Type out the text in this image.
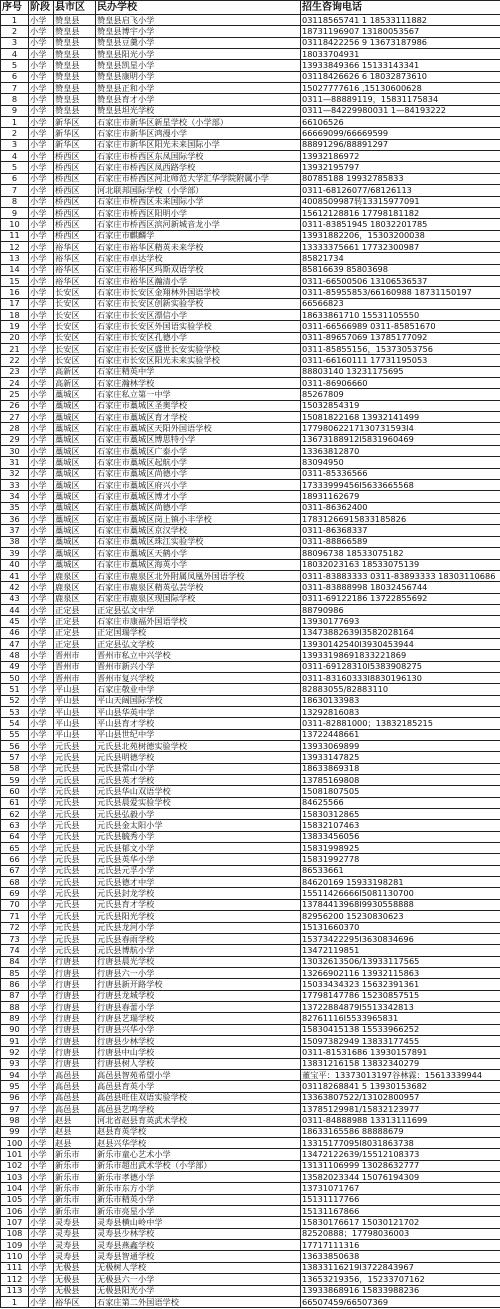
序号	阶段	县市区	民办学校	招生咨询电话
1	小学	赞皇县	赞皇县启飞小学	03118565741 1 18533111882
2	小学	赞皇县	赞皇县博宇小学	18731196907 13180053567
3	小学	赞皇县	赞皇县豆羹小学	03118422256 9 13673187986
4	小学	赞皇县	赞皇县阳光小学	18033704931
5	小学	赞皇县	赞皇县凯星小学	13933849366 15133143341
6	小学	赞皇县	赞皇县康明小学	03118426626 6 18032873610
7	小学	赞皇县	赞皇县正和小学	15027777616 ,15130600628
8	小学	赞皇县	赞皇县育才小学	0311—88889119，15831175834
9	小学	赞皇县	赞皇县坦光学校	0311—84229980031 1—84193222
1	小学	新华区	石家庄市新华区新星学校（小学部）	66106526
2	小学	新华区	石家庄市新华区鸿漫小学	66669099/66669599
3	小学	新华区	石家庄市新华区阳光未来国际小学	88891296/88891297
4	小学	桥西区	石家庄市桥西区东凤国际学校	13932186972
5	小学	桥西区	石家庄市桥西区凤西路学校	13932195797
6	小学	桥西区	石家庄市桥西区河北师范大学汇华学院附属小学	80785188 19932785833
7	小学	桥西区	河北联邦国际学校（小学部）	0311-68126077/68126113
8	小学	桥西区	石家庄市桥西区未来国际小学	4008509987转13315977091
9	小学	桥西区	石家庄市桥西区阳明小学	15612128816 17798181182
10	小学	桥西区	石家庄市桥西区滨河新城音龙小学	0311-83851945 18032201785
11	小学	桥西区	石家庄市麒麟学	13931882206，15303200038
12	小学	裕华区	石家庄市裕华区精英未来学校	13333375661 17732300987
13	小学	裕华区	石家庄市卓达学校	85821734
14	小学	裕华区	石家庄市裕华区玛斯双语学校	85816639 85803698
15	小学	裕华区	石家庄市裕华区瀚清小学	0311-66500506 13106536537
16	小学	长安区	石家庄市长安区金翔林外国语学校	0311-85955853/66160988 18731150197
17	小学	长安区	石家庄市长安区创新实验学校	66566823
18	小学	长安区	石家庄市长安区漂信小学	18633861710 15531105550
19	小学	长安区	石家庄市长安区外国语实验学校	0311-66566989 0311-85851670
20	小学	长安区	石家庄市长安区孔德小学	0311-89657069 13785177092
21	小学	长安区	石家庄市长安区盛世长安实验学校	0311-85855156，15373053756
22	小学	长安区	石家庄市长安区阳光未来实验学校	0311-66160111 17731195053
23	小学	高新区	石家庄精英中学	88803140 13231175695
24	小学	高新区	石家庄瀚林学校	0311-86906660
25	小学	藁城区	石家庄私立第一中学	85267809
26	小学	藁城区	石家庄市藁城区圣奥学校	15032854319
27	小学	藁城区	石家庄市藁城区育才学校	15081822168 13932141499
28	小学	藁城区	石家庄市藁城区天阳外国语学校	17798062217130731593I4
29	小学	藁城区	石家庄市藁城区博思特小学	13673188912I5831960469
30	小学	藁城区	石家庄市藁城区广泰小学	13363812870
31	小学	藁城区	石家庄市藁城区起航小学	83094950
32	小学	藁城区	石家庄市藁城区尚德小学	0311-85336566
33	小学	藁城区	石家庄市藁城区府兴小学	17333999456I5633665568
34	小学	藁城区	石家庄市藁城区博才小学	18931162679
35	小学	藁城区	石家庄市藁城区尚德小学	0311-86362400
36	小学	藁城区	石家庄市藁城区岗上镇小丰学校	17831266915833185826
37	小学	藁城区	石家庄市藁城区京汉学校	0311-86368337
38	小学	藁城区	石家庄市藁城区珠江实验学校	0311-88866589
39	小学	藁城区	石家庄市藁城区天鹤小学	88096738 18533075182
40	小学	藁城区	石家庄市藁城区海英小学	18032023163 18533075139
41	小学	鹿泉区	石家庄市鹿泉区北外附属凤凰外国语学校	0311-83883333 0311-83893333 18303110686
42	小学	鹿泉区	石家庄市鹿泉区精英弘芸学校	0311-83888998 18032456744
43	小学	鹿泉区	石家庄市鹿泉区现国际学校	0311-69122186 13722855692
44	小学	正定县	正定县弘文中学	88790986
45	小学	正定县	石家庄市康福外国语学校	13930177693
46	小学	正定县	正定国瑞学校	13473882639I3582028164
47	小学	正定县	正定县弘文学校	13930142540I3930453944
48	小学	晋州市	晋州市私立中兴学校	13933198691833221869
49	小学	晋州市	晋州市新兴小学	0311-69128310I5383908275
50	小学	晋州市	晋州市复兴学校	0311-83160333I8830196130
51	小学	平山县	石家庄敬业中学	82883055/82883110
52	小学	平山县	平山天阔国际学校	18630133983
53	小学	平山县	平山县华英中学	13292816083
54	小学	平山县	平山县育才学校	0311-82881000；13832185215
55	小学	平山县	平山县世纪中学	13722448661
56	小学	元氏县	元氏县北苑树德实验学校	13933069899
57	小学	元氏县	元氏县明德学校	13933147825
58	小学	元氏县	元氏县常山小学	18633869318
59	小学	元氏县	元氏县英才学校	13785169808
60	小学	元氏县	元氏县华山双语学校	15081807505
61	小学	元氏县	元氏县晨爱实验学校	84625566
62	小学	元氏县	元氏县弘毅小学	15830312865
63	小学	元氏县	元氏县金太阳小学	15832107463
64	小学	元氏县	元氏县毓秀小学	13833456056
65	小学	元氏县	元氏县郁文小学	15831998925
66	小学	元氏县	元氏县英华小学	15831992778
67	小学	元氏县	元氏县元孚小学	86533661
68	小学	元氏县	元氏县德才中学	84620169 15933198281
69	小学	元氏县	元氏县封龙学校	15511426666I5081130700
70	小学	元氏县	元氏县育才学校	13784413968I9930558888
71	小学	元氏县	元氏县阳光学校	82956200 15230830623
72	小学	元氏县	元氏县龙河小学	15131660370
73	小学	元氏县	元氏县春雨学校	15373422295I3630834696
74	小学	元氏县	元氏县博航小学	13472119851
84	小学	行唐县	行唐县晨光学校	13032613506/13933117565
85	小学	行唐县	行唐县六一小学	13266902116 13932115863
86	小学	行唐县	行唐县新开路学校	15033434323 15632391361
87	小学	行唐县	行唐县龙城学校	17798147786 15230857515
88	小学	行唐县	行唐县春蕾小学	13722884879I5513342813
89	小学	行唐县	行唐县艺瑞学校	82761116I5533965831
90	小学	行唐县	行唐县兴华小学	15830415138 15533966252
91	小学	行唐县	行唐县少林学校	15097382949 13833177455
92	小学	行唐县	行唐县中山学校	0311-81531686 13930157891
93	小学	行唐县	行唐县树人学校	13831216158 13832340279
94	小学	高邑县	高邑县智苑希望小学	董宝平：13373013197谷林霖：15613339944
95	小学	高邑县	高邑县育英小学	03118268841 5 13930153682
96	小学	高邑县	高邑县旺佳双语实验学校	13363807522/13102800957
97	小学	高邑县	高邑县艺鸣学校	13785129981/15832123977
98	小学	赵县	河北省赵县育英武术学校	0311-84888988 13313111699
99	小学	赵县	赵县育英学校	18633165586 88888679
100	小学	赵县	赵县兴华学校	13315177095I8031863738
101	小学	新乐市	新乐市童心艺术小学	13472122639/15512108373
102	小学	新乐市	新乐市超出武术学校（小学部）	13131106999 13028632777
103	小学	新乐市	新乐市孝德小学	13582023344 15076194309
104	小学	新乐市	新乐市东方小学	13731071767
105	小学	新乐市	新乐市精英小学	15131117766
106	小学	新乐市	新乐市亮星小学	15131167866
107	小学	灵寿县	灵寿县横山岭中学	15830176617 15030121702
108	小学	灵寿县	灵寿县少林学校	82520888；17798036003
109	小学	灵寿县	灵寿县燕鑫学校	17717111316
110	小学	灵寿县	灵寿县智通学校	13633850638
111	小学	无极县	无极树人学校	13833116219I3722843967
112	小学	无极县	无极县六一小学	13653219356，15233707162
113	小学	无极县	无极县阳光小学	13933868916 15833988236
1	小学	裕华区	石家庄第二外国语学校	66507459/66507369
